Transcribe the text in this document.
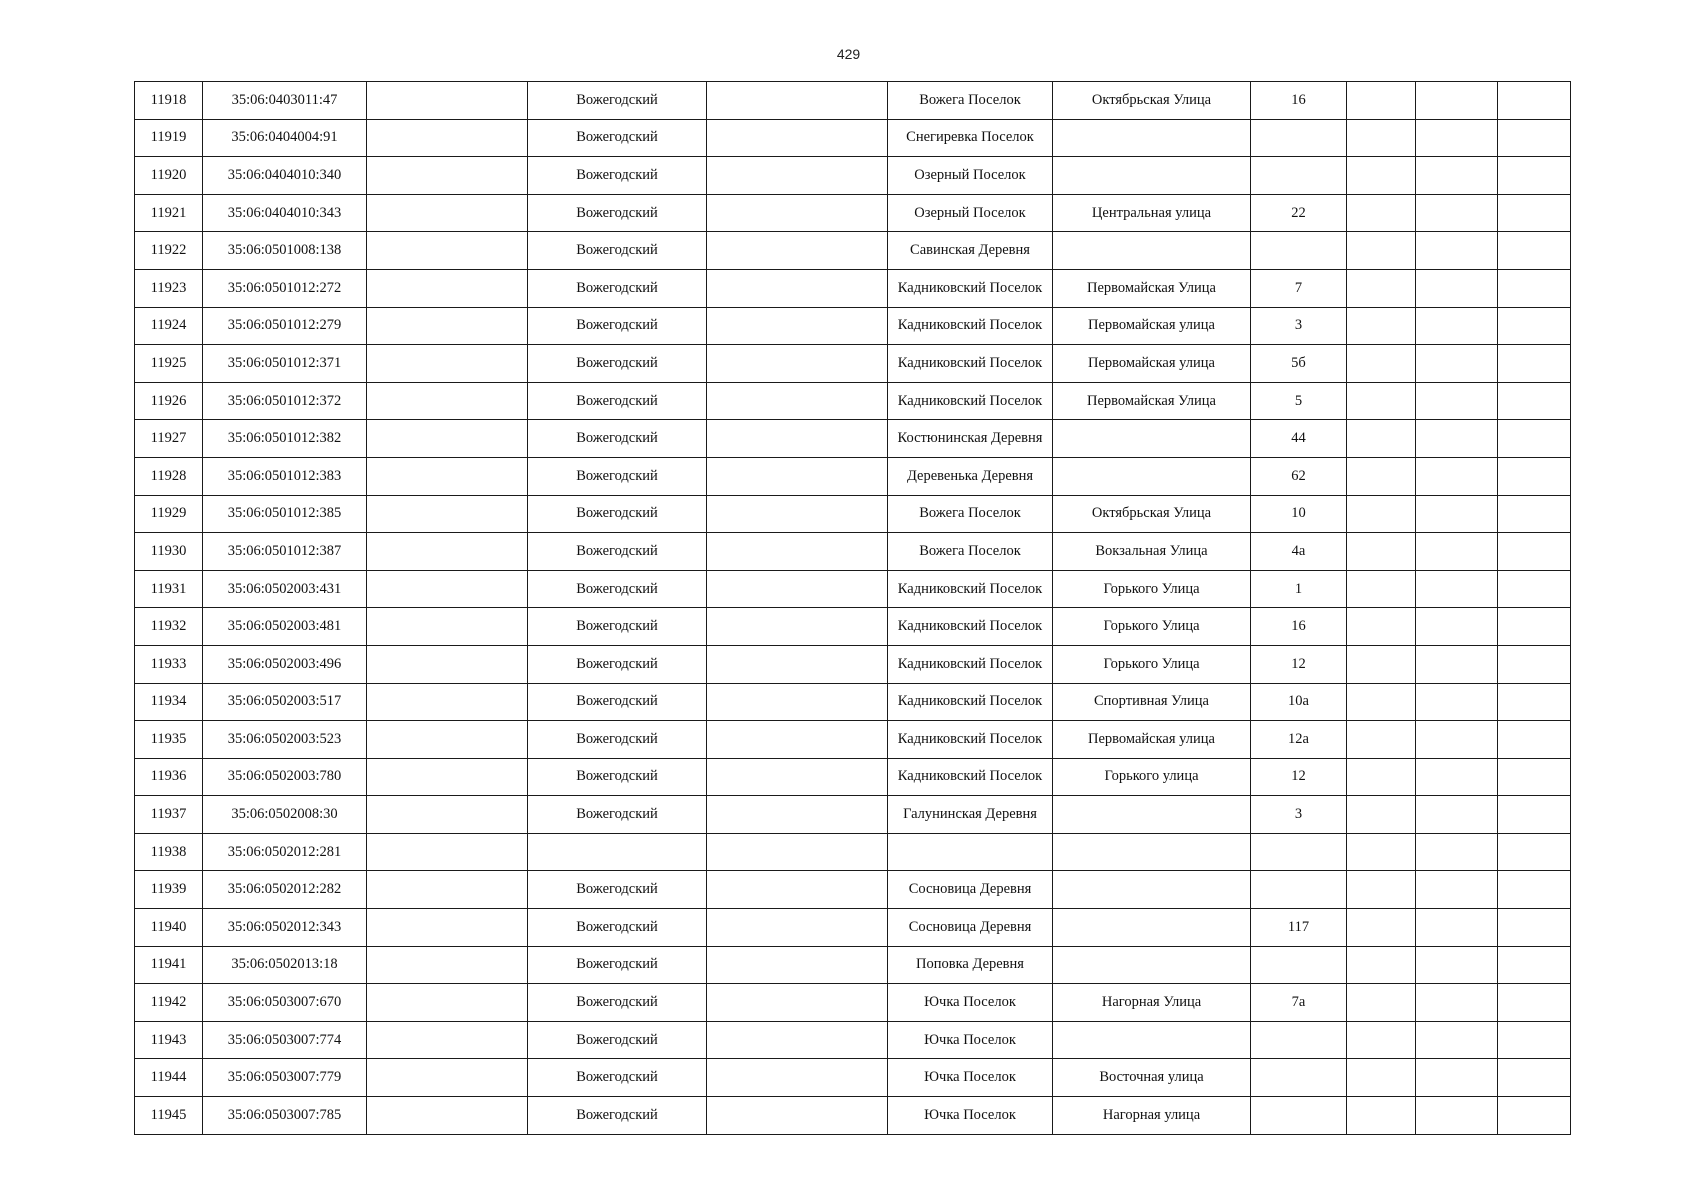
429
11918	35:06:0403011:47		Вожегодский		Вожега Поселок	Октябрьская Улица	16			
11919	35:06:0404004:91		Вожегодский		Снегиревка Поселок					
11920	35:06:0404010:340		Вожегодский		Озерный Поселок					
11921	35:06:0404010:343		Вожегодский		Озерный Поселок	Центральная улица	22			
11922	35:06:0501008:138		Вожегодский		Савинская Деревня					
11923	35:06:0501012:272		Вожегодский		Кадниковский Поселок	Первомайская Улица	7			
11924	35:06:0501012:279		Вожегодский		Кадниковский Поселок	Первомайская улица	3			
11925	35:06:0501012:371		Вожегодский		Кадниковский Поселок	Первомайская улица	5б			
11926	35:06:0501012:372		Вожегодский		Кадниковский Поселок	Первомайская Улица	5			
11927	35:06:0501012:382		Вожегодский		Костюнинская Деревня		44			
11928	35:06:0501012:383		Вожегодский		Деревенька Деревня		62			
11929	35:06:0501012:385		Вожегодский		Вожега Поселок	Октябрьская Улица	10			
11930	35:06:0501012:387		Вожегодский		Вожега Поселок	Вокзальная Улица	4а			
11931	35:06:0502003:431		Вожегодский		Кадниковский Поселок	Горького Улица	1			
11932	35:06:0502003:481		Вожегодский		Кадниковский Поселок	Горького Улица	16			
11933	35:06:0502003:496		Вожегодский		Кадниковский Поселок	Горького Улица	12			
11934	35:06:0502003:517		Вожегодский		Кадниковский Поселок	Спортивная Улица	10а			
11935	35:06:0502003:523		Вожегодский		Кадниковский Поселок	Первомайская улица	12а			
11936	35:06:0502003:780		Вожегодский		Кадниковский Поселок	Горького улица	12			
11937	35:06:0502008:30		Вожегодский		Галунинская Деревня		3			
11938	35:06:0502012:281									
11939	35:06:0502012:282		Вожегодский		Сосновица Деревня					
11940	35:06:0502012:343		Вожегодский		Сосновица Деревня		117			
11941	35:06:0502013:18		Вожегодский		Поповка Деревня					
11942	35:06:0503007:670		Вожегодский		Ючка Поселок	Нагорная Улица	7а			
11943	35:06:0503007:774		Вожегодский		Ючка Поселок					
11944	35:06:0503007:779		Вожегодский		Ючка Поселок	Восточная улица				
11945	35:06:0503007:785		Вожегодский		Ючка Поселок	Нагорная улица				
